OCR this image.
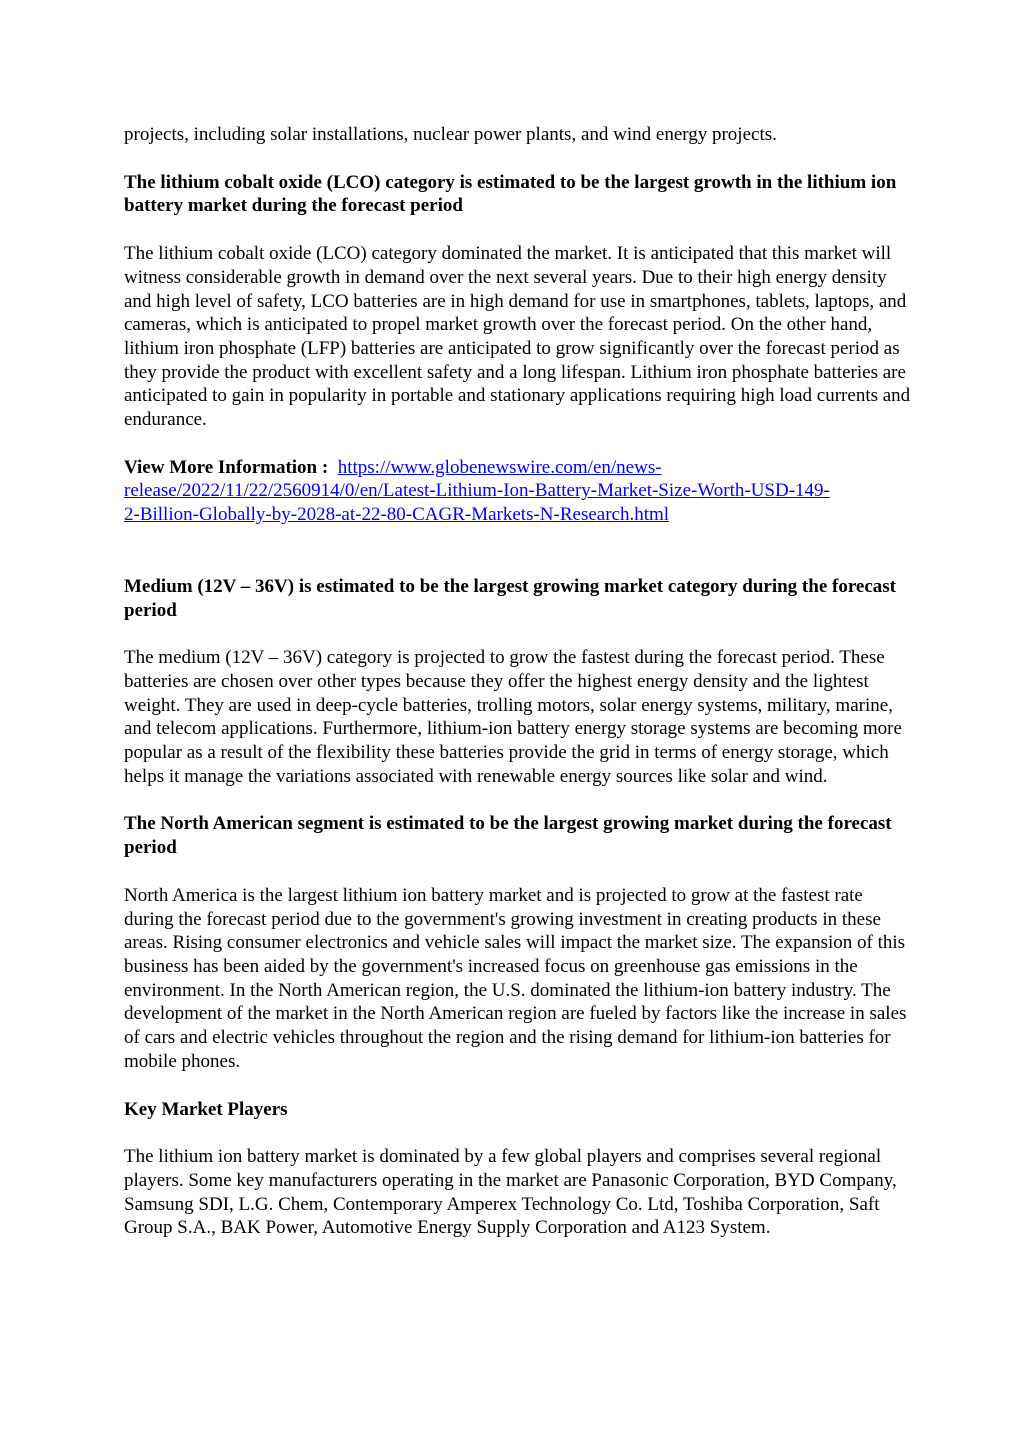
projects, including solar installations, nuclear power plants, and wind energy projects.

The lithium cobalt oxide (LCO) category is estimated to be the largest growth in the lithium ion battery market during the forecast period

The lithium cobalt oxide (LCO) category dominated the market. It is anticipated that this market will witness considerable growth in demand over the next several years. Due to their high energy density and high level of safety, LCO batteries are in high demand for use in smartphones, tablets, laptops, and cameras, which is anticipated to propel market growth over the forecast period. On the other hand, lithium iron phosphate (LFP) batteries are anticipated to grow significantly over the forecast period as they provide the product with excellent safety and a long lifespan. Lithium iron phosphate batteries are anticipated to gain in popularity in portable and stationary applications requiring high load currents and endurance.

View More Information : https://www.globenewswire.com/en/news-
release/2022/11/22/2560914/0/en/Latest-Lithium-Ion-Battery-Market-Size-Worth-USD-149-
2-Billion-Globally-by-2028-at-22-80-CAGR-Markets-N-Research.html

Medium (12V – 36V) is estimated to be the largest growing market category during the forecast period

The medium (12V – 36V) category is projected to grow the fastest during the forecast period. These batteries are chosen over other types because they offer the highest energy density and the lightest weight. They are used in deep-cycle batteries, trolling motors, solar energy systems, military, marine, and telecom applications. Furthermore, lithium-ion battery energy storage systems are becoming more popular as a result of the flexibility these batteries provide the grid in terms of energy storage, which helps it manage the variations associated with renewable energy sources like solar and wind.

The North American segment is estimated to be the largest growing market during the forecast period

North America is the largest lithium ion battery market and is projected to grow at the fastest rate during the forecast period due to the government's growing investment in creating products in these areas. Rising consumer electronics and vehicle sales will impact the market size. The expansion of this business has been aided by the government's increased focus on greenhouse gas emissions in the environment. In the North American region, the U.S. dominated the lithium-ion battery industry. The development of the market in the North American region are fueled by factors like the increase in sales of cars and electric vehicles throughout the region and the rising demand for lithium-ion batteries for mobile phones.

Key Market Players

The lithium ion battery market is dominated by a few global players and comprises several regional players. Some key manufacturers operating in the market are Panasonic Corporation, BYD Company, Samsung SDI, L.G. Chem, Contemporary Amperex Technology Co. Ltd, Toshiba Corporation, Saft Group S.A., BAK Power, Automotive Energy Supply Corporation and A123 System.
